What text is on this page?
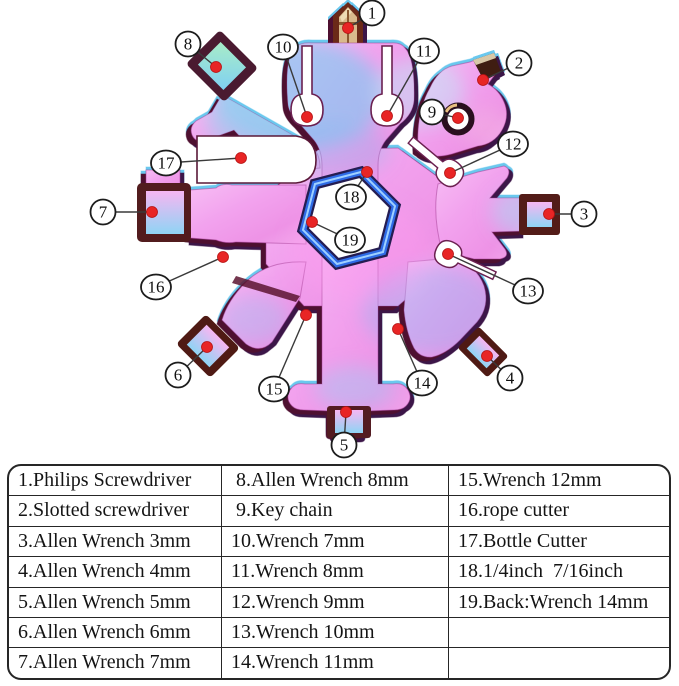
1
2
3
4
5
6
7
8
9
10	11
12
13
14
15
16
17
18
19
1.Philips Screwdriver
2.Slotted screwdriver
3.Allen Wrench 3mm
4.Allen Wrench 4mm
5.Allen Wrench 5mm
6.Allen Wrench 6mm
7.Allen Wrench 7mm
8.Allen Wrench 8mm
9.Key chain
10.Wrench 7mm
11.Wrench 8mm
12.Wrench 9mm
13.Wrench 10mm
14.Wrench 11mm
15.Wrench 12mm
16.rope cutter
17.Bottle Cutter
18.1/4inch  7/16inch
19.Back:Wrench 14mm
